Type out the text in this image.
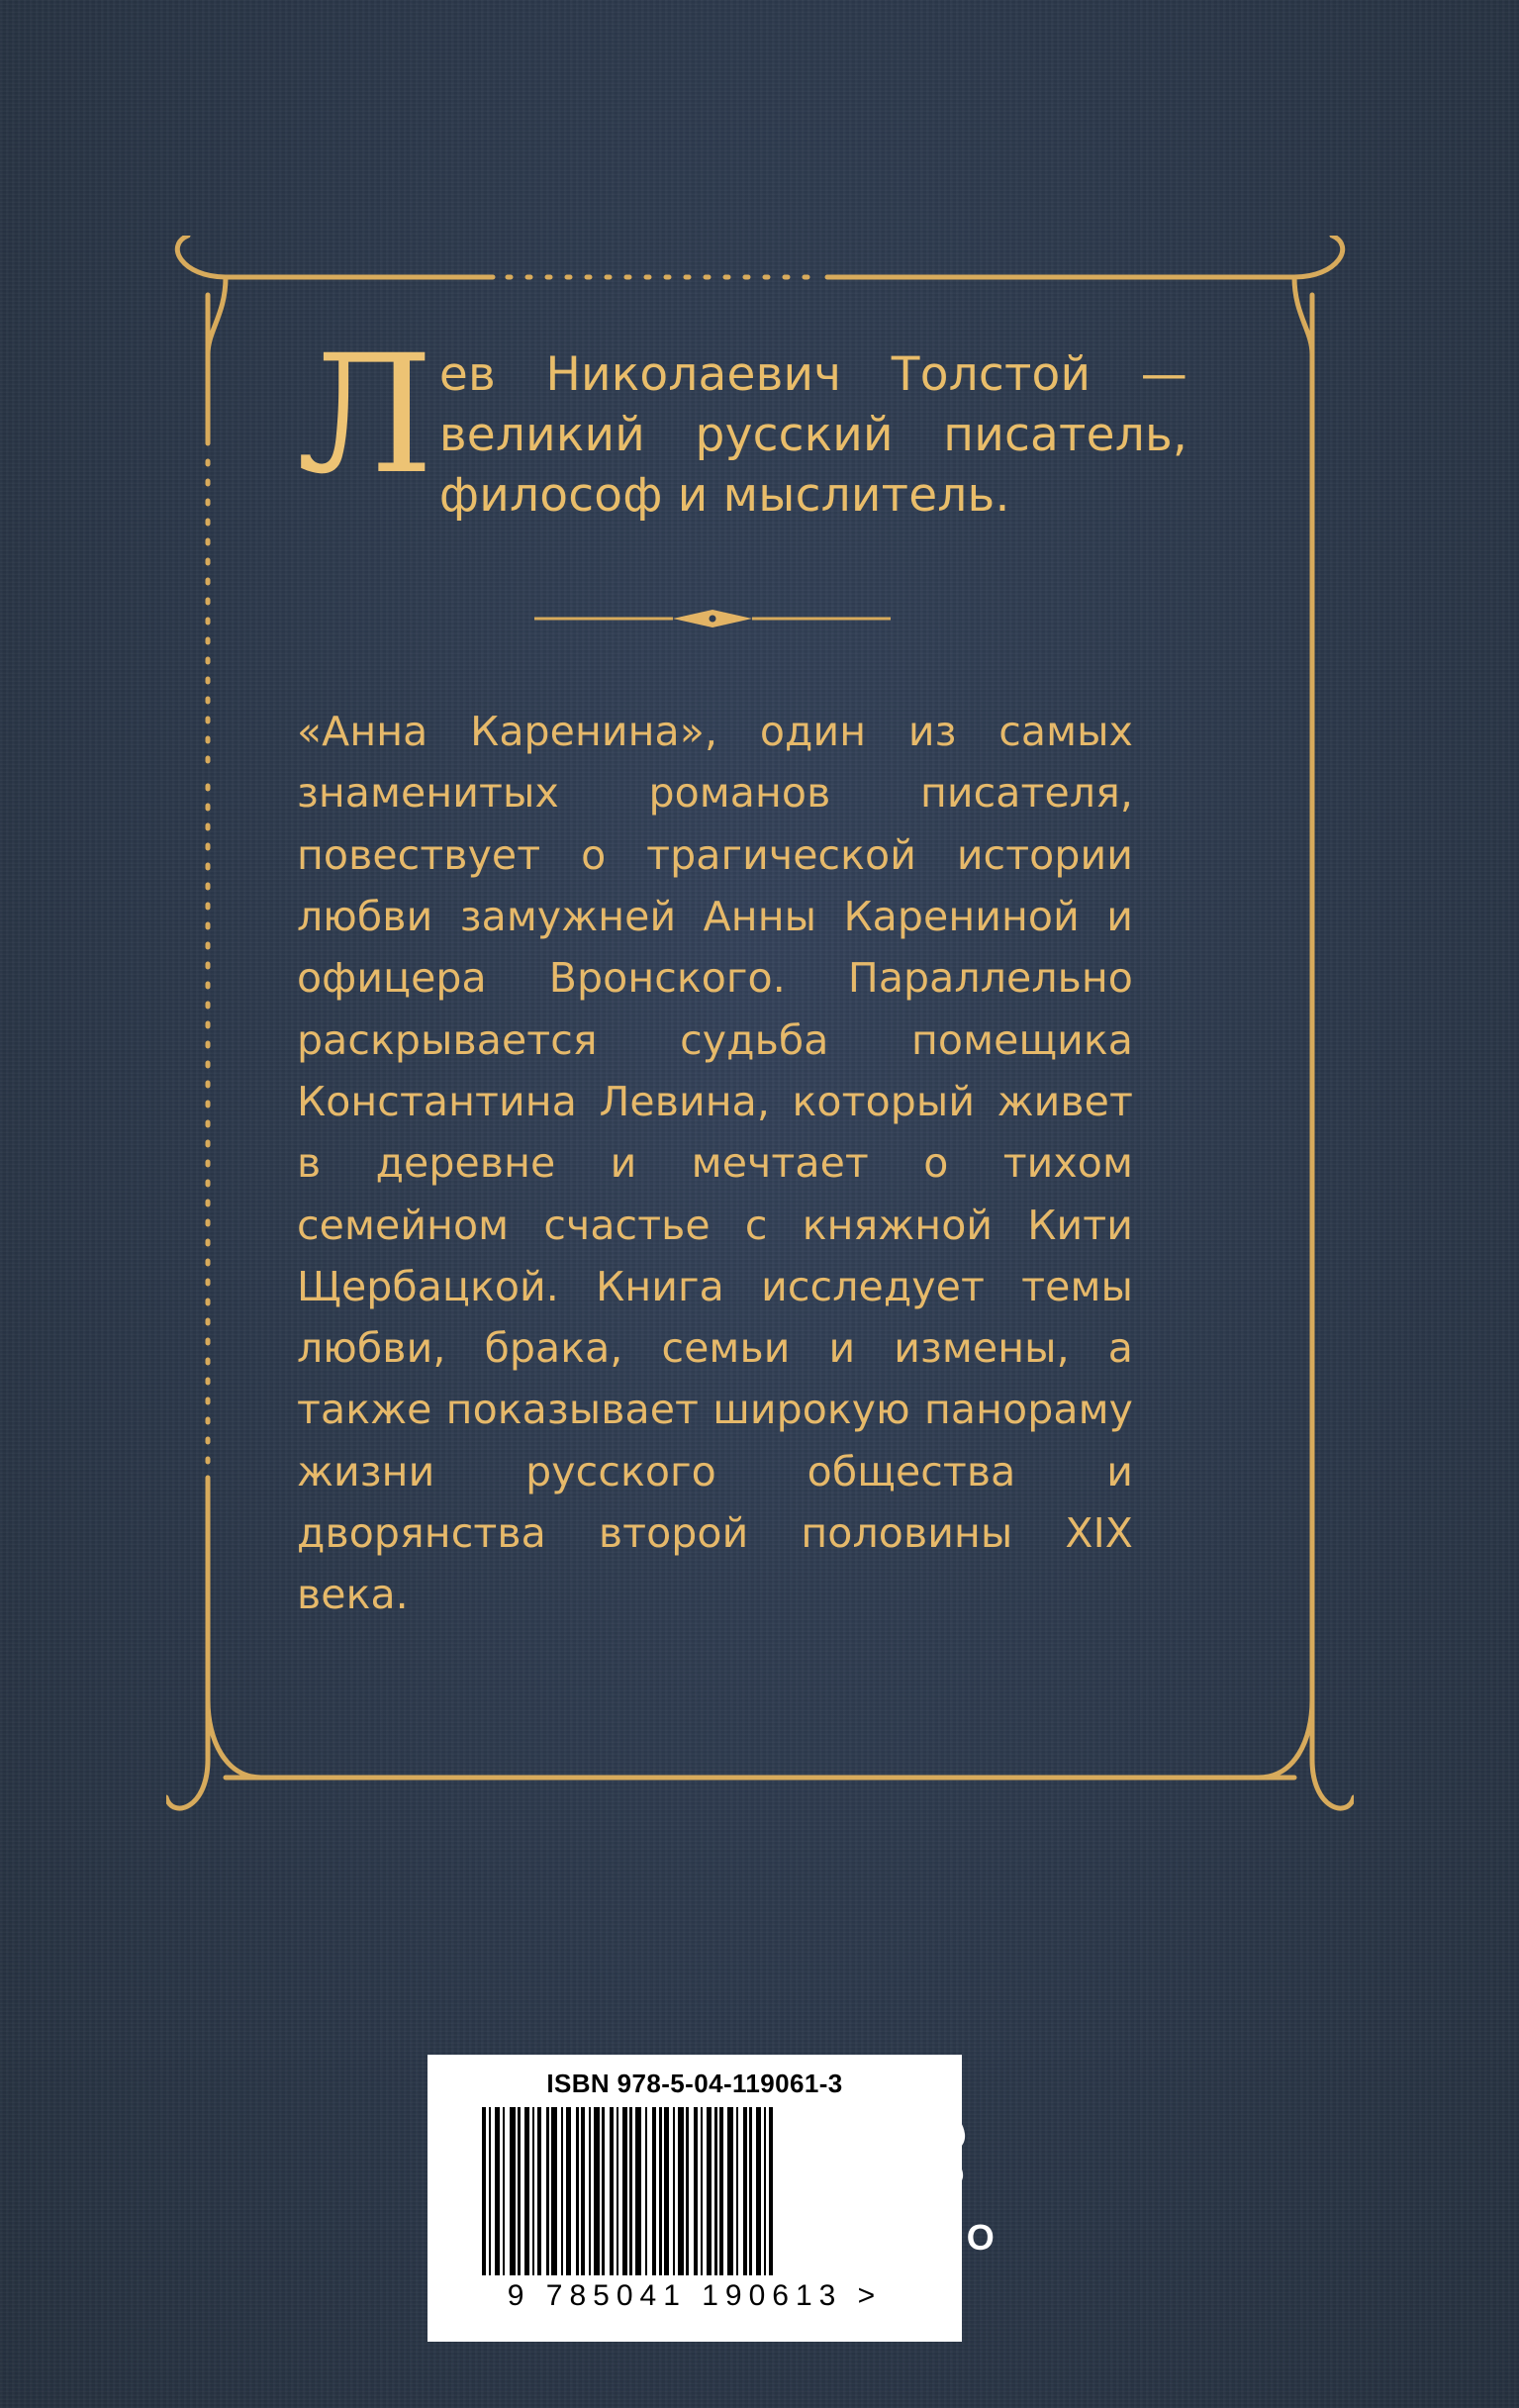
Л ев Николаевич Толстой — великий русский писатель, философ и мыслитель.
«Анна Каренина», один из самых знаменитых романов писателя, повествует о трагической истории любви замужней Анны Карениной и офицера Вронского. Параллельно раскрывается судьба помещика Константина Левина, который живет в деревне и мечтает о тихом семейном счастье с княжной Кити Щербацкой. Книга исследует темы любви, брака, семьи и измены, а также показывает широкую панораму жизни русского общества и дворянства второй половины XIX века.
ISBN 978-5-04-119061-3
9 785041 190613 >
ЭКСМО
